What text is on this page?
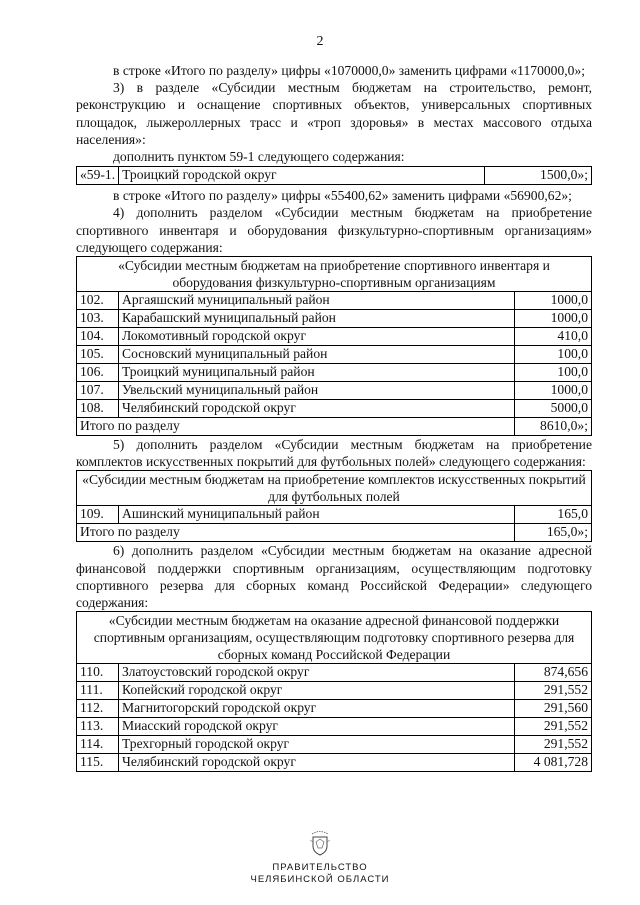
2

в строке «Итого по разделу» цифры «1070000,0» заменить цифрами «1170000,0»;

3) в разделе «Субсидии местным бюджетам на строительство, ремонт, реконструкцию и оснащение спортивных объектов, универсальных спортивных площадок, лыжероллерных трасс и «троп здоровья» в местах массового отдыха населения»:

дополнить пунктом 59-1 следующего содержания:

«59-1.	Троицкий городской округ	1500,0»;

в строке «Итого по разделу» цифры «55400,62» заменить цифрами «56900,62»;

4) дополнить разделом «Субсидии местным бюджетам на приобретение спортивного инвентаря и оборудования физкультурно-спортивным организациям» следующего содержания:

«Субсидии местным бюджетам на приобретение спортивного инвентаря и оборудования физкультурно-спортивным организациям		
102.	Аргаяшский муниципальный район	1000,0
103.	Карабашский муниципальный район	1000,0
104.	Локомотивный городской округ	410,0
105.	Сосновский муниципальный район	100,0
106.	Троицкий муниципальный район	100,0
107.	Увельский муниципальный район	1000,0
108.	Челябинский городской округ	5000,0
Итого по разделу		8610,0»;

5) дополнить разделом «Субсидии местным бюджетам на приобретение комплектов искусственных покрытий для футбольных полей» следующего содержания:

«Субсидии местным бюджетам на приобретение комплектов искусственных покрытий для футбольных полей		
109.	Ашинский муниципальный район	165,0
Итого по разделу		165,0»;

6) дополнить разделом «Субсидии местным бюджетам на оказание адресной финансовой поддержки спортивным организациям, осуществляющим подготовку спортивного резерва для сборных команд Российской Федерации» следующего содержания:

«Субсидии местным бюджетам на оказание адресной финансовой поддержки спортивным организациям, осуществляющим подготовку спортивного резерва для сборных команд Российской Федерации		
110.	Златоустовский городской округ	874,656
111.	Копейский городской округ	291,552
112.	Магнитогорский городской округ	291,560
113.	Миасский городской округ	291,552
114.	Трехгорный городской округ	291,552
115.	Челябинский городской округ	4 081,728
ПРАВИТЕЛЬСТВО
ЧЕЛЯБИНСКОЙ ОБЛАСТИ
